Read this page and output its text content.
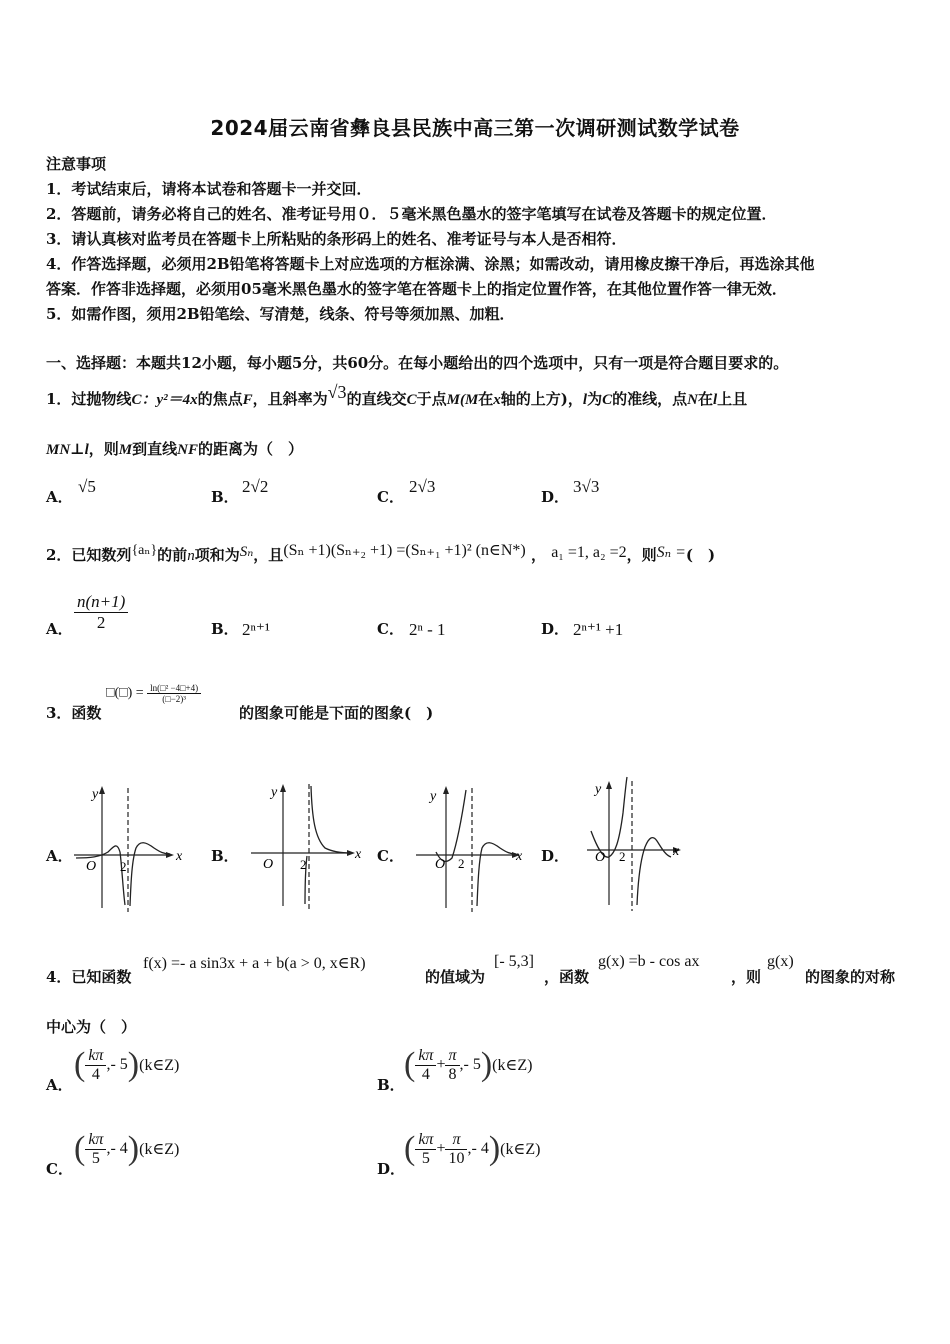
2024届云南省彝良县民族中高三第一次调研测试数学试卷
注意事项
1．考试结束后，请将本试卷和答题卡一并交回．
2．答题前，请务必将自己的姓名、准考证号用０．５毫米黑色墨水的签字笔填写在试卷及答题卡的规定位置．
3．请认真核对监考员在答题卡上所粘贴的条形码上的姓名、准考证号与本人是否相符．
4．作答选择题，必须用2B铅笔将答题卡上对应选项的方框涂满、涂黑；如需改动，请用橡皮擦干净后，再选涂其他
答案．作答非选择题，必须用05毫米黑色墨水的签字笔在答题卡上的指定位置作答，在其他位置作答一律无效．
5．如需作图，须用2B铅笔绘、写清楚，线条、符号等须加黑、加粗．
一、选择题：本题共12小题，每小题5分，共60分。在每小题给出的四个选项中，只有一项是符合题目要求的。
1．过抛物线C：y²＝4x的焦点F，且斜率为√3的直线交C于点M(M在x轴的上方)，l为C的准线，点N在l上且
MN⊥l，则M到直线NF的距离为（　）
A．
√5
B．
2√2
C．
2√3
D．
3√3
2．已知数列{aₙ}的前n项和为Sₙ，且(Sₙ +1)(Sₙ₊₂ +1) =(Sₙ₊₁ +1)² (n∈N*) ， a₁ =1, a₂ =2，则Sₙ =(　)
A． $\frac{n(n+1)}{2}$	B． 2ⁿ⁺¹	C． 2ⁿ - 1	D． 2ⁿ⁺¹ +1
3．函数
□(□) = $\frac{\text{ln(□² −4□+4)}}{\text{(□−2)³}}$
的图象可能是下面的图象(　)
A．	B．	C．	D．
y
x
O 2
y
x
O 2
y
x
O 2
y
x
O 2
4．已知函数
f(x) =- a sin3x + a + b(a > 0, x∈R)
的值域为
[- 5,3]
，函数
g(x) =b - cos ax
，则
g(x)
的图象的对称
中心为（　）
A．
( $\frac{k\pi}{4}$ ,- 5)(k∈Z)
B．
( $\frac{k\pi}{4} + \frac{\pi}{8}$ ,- 5)(k∈Z)
C．
( $\frac{k\pi}{5}$ ,- 4)(k∈Z)
D．
( $\frac{k\pi}{5} + \frac{\pi}{10}$ ,- 4)(k∈Z)
